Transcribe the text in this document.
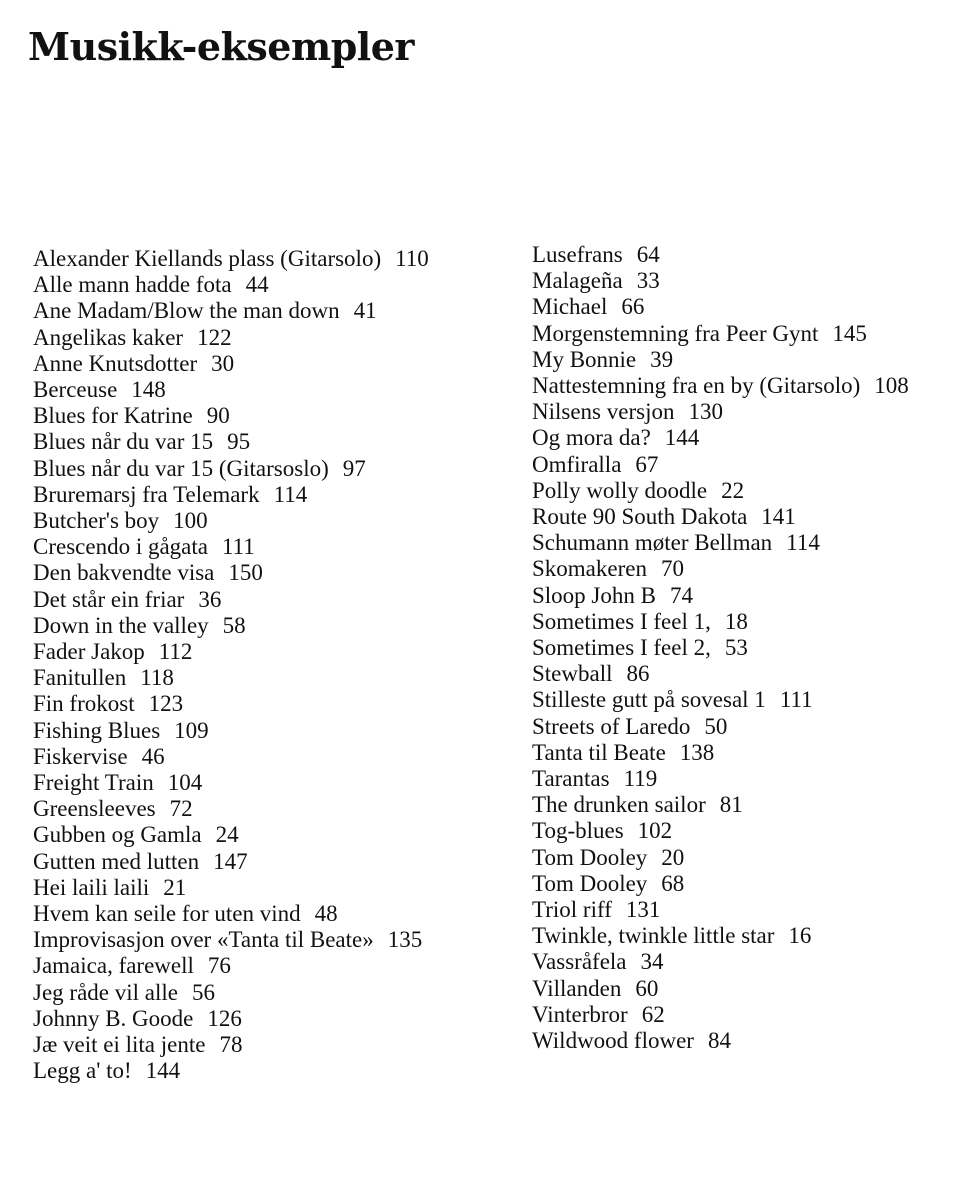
Musikk-eksempler
Alexander Kiellands plass (Gitarsolo) 110
Alle mann hadde fota 44
Ane Madam/Blow the man down 41
Angelikas kaker 122
Anne Knutsdotter 30
Berceuse 148
Blues for Katrine 90
Blues når du var 15 95
Blues når du var 15 (Gitarsoslo) 97
Bruremarsj fra Telemark 114
Butcher's boy 100
Crescendo i gågata 111
Den bakvendte visa 150
Det står ein friar 36
Down in the valley 58
Fader Jakop 112
Fanitullen 118
Fin frokost 123
Fishing Blues 109
Fiskervise 46
Freight Train 104
Greensleeves 72
Gubben og Gamla 24
Gutten med lutten 147
Hei laili laili 21
Hvem kan seile for uten vind 48
Improvisasjon over «Tanta til Beate» 135
Jamaica, farewell 76
Jeg råde vil alle 56
Johnny B. Goode 126
Jæ veit ei lita jente 78
Legg a' to! 144
Lusefrans 64
Malageña 33
Michael 66
Morgenstemning fra Peer Gynt 145
My Bonnie 39
Nattestemning fra en by (Gitarsolo) 108
Nilsens versjon 130
Og mora da? 144
Omfiralla 67
Polly wolly doodle 22
Route 90 South Dakota 141
Schumann møter Bellman 114
Skomakeren 70
Sloop John B 74
Sometimes I feel 1, 18
Sometimes I feel 2, 53
Stewball 86
Stilleste gutt på sovesal 1 111
Streets of Laredo 50
Tanta til Beate 138
Tarantas 119
The drunken sailor 81
Tog-blues 102
Tom Dooley 20
Tom Dooley 68
Triol riff 131
Twinkle, twinkle little star 16
Vassråfela 34
Villanden 60
Vinterbror 62
Wildwood flower 84
